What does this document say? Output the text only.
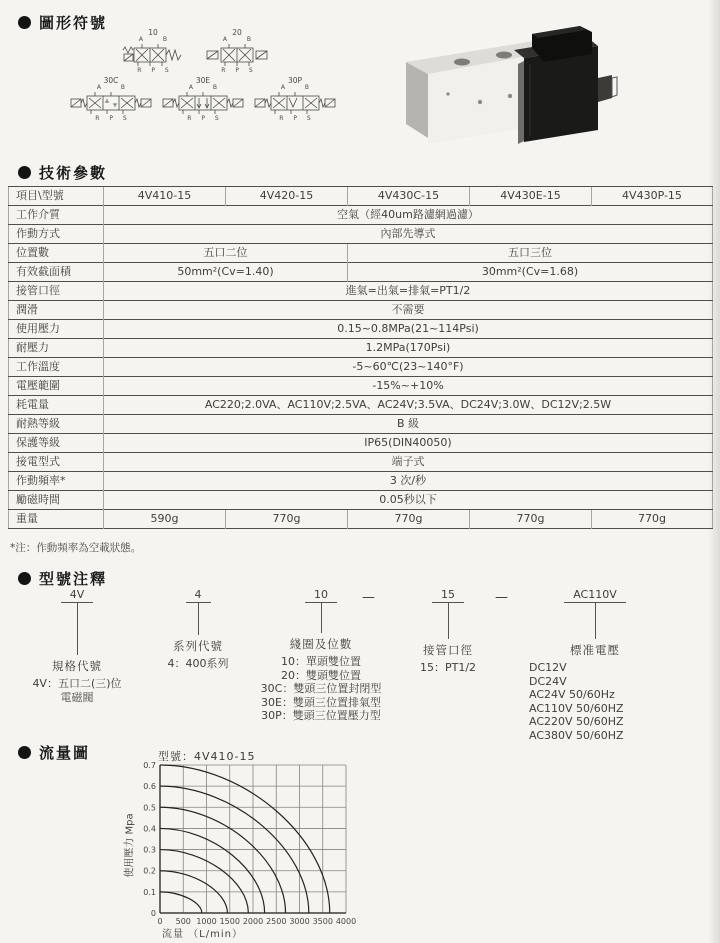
圖形符號
10
A B
R P S
20
A B
R P S
30C
A B
R P S
30E
A B
R P S
30P
A B
R P S
技術參數
項目\型號	4V410-15	4V420-15	4V430C-15	4V430E-15	4V430P-15
工作介質	空氣（經40um路濾網過濾）				
作動方式	內部先導式				
位置數	五口二位		五口三位		
有效截面積	50mm²(Cv=1.40)		30mm²(Cv=1.68)		
接管口徑	進氣=出氣=排氣=PT1/2				
潤滑	不需要				
使用壓力	0.15~0.8MPa(21~114Psi)				
耐壓力	1.2MPa(170Psi)				
工作溫度	-5~60℃(23~140°F)				
電壓範圍	-15%~+10%				
耗電量	AC220;2.0VA、AC110V;2.5VA、AC24V;3.5VA、DC24V;3.0W、DC12V;2.5W				
耐熱等級	B 級				
保護等級	IP65(DIN40050)				
接電型式	端子式				
作動頻率*	3 次/秒				
勵磁時間	0.05秒以下				
重量	590g	770g	770g	770g	770g
*注：作動頻率為空載狀態。
型號注釋
4V
規格代號
4V：五口二(三)位
電磁閥
4
系列代號
4：400系列
10
綫圈及位數
10：單頭雙位置
20：雙頭雙位置
30C：雙頭三位置封閉型
30E：雙頭三位置排氣型
30P：雙頭三位置壓力型
15
接管口徑
15：PT1/2
AC110V
標准電壓
DC12V
DC24V
AC24V 50/60Hz
AC110V 50/60HZ
AC220V 50/60HZ
AC380V 50/60HZ
—	—
流量圖	型號：4V410-15
0 500 1000 1500 2000 2500 3000 3500 4000
0
0.1
0.2
0.3
0.4
0.5
0.6
0.7
使用壓力 Mpa
流量 （L/min）
